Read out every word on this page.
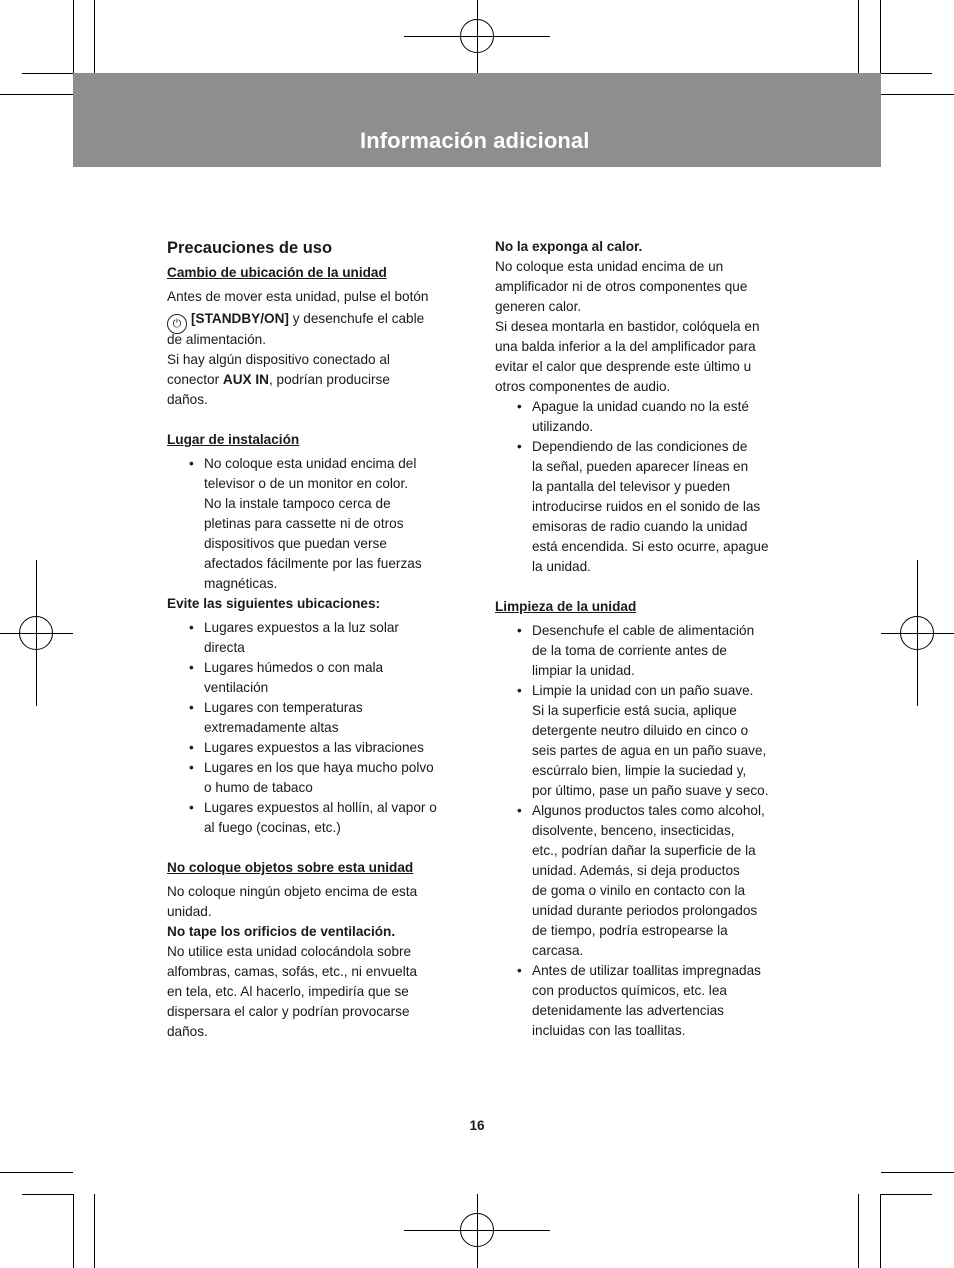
Información adicional
Precauciones de uso
Cambio de ubicación de la unidad

Antes de mover esta unidad, pulse el botón

⏻ [STANDBY/ON] y desenchufe el cable

de alimentación.

Si hay algún dispositivo conectado al

conector AUX IN, podrían producirse

daños.

Lugar de instalación
• No coloque esta unidad encima del
televisor o de un monitor en color.
No la instale tampoco cerca de
pletinas para cassette ni de otros
dispositivos que puedan verse
afectados fácilmente por las fuerzas
magnéticas.

Evite las siguientes ubicaciones:

• Lugares expuestos a la luz solar
directa
• Lugares húmedos o con mala
ventilación
• Lugares con temperaturas
extremadamente altas
• Lugares expuestos a las vibraciones
• Lugares en los que haya mucho polvo
o humo de tabaco
• Lugares expuestos al hollín, al vapor o
al fuego (cocinas, etc.)
No coloque objetos sobre esta unidad

No coloque ningún objeto encima de esta
unidad.

No tape los orificios de ventilación.

No utilice esta unidad colocándola sobre
alfombras, camas, sofás, etc., ni envuelta
en tela, etc. Al hacerlo, impediría que se
dispersara el calor y podrían provocarse
daños.

No la exponga al calor.

No coloque esta unidad encima de un
amplificador ni de otros componentes que
generen calor.
Si desea montarla en bastidor, colóquela en
una balda inferior a la del amplificador para
evitar el calor que desprende este último u
otros componentes de audio.

• Apague la unidad cuando no la esté
utilizando.
• Dependiendo de las condiciones de
la señal, pueden aparecer líneas en
la pantalla del televisor y pueden
introducirse ruidos en el sonido de las
emisoras de radio cuando la unidad
está encendida. Si esto ocurre, apague
la unidad.
Limpieza de la unidad
• Desenchufe el cable de alimentación
de la toma de corriente antes de
limpiar la unidad.
• Limpie la unidad con un paño suave.
Si la superficie está sucia, aplique
detergente neutro diluido en cinco o
seis partes de agua en un paño suave,
escúrralo bien, limpie la suciedad y,
por último, pase un paño suave y seco.
• Algunos productos tales como alcohol,
disolvente, benceno, insecticidas,
etc., podrían dañar la superficie de la
unidad. Además, si deja productos
de goma o vinilo en contacto con la
unidad durante periodos prolongados
de tiempo, podría estropearse la
carcasa.
• Antes de utilizar toallitas impregnadas
con productos químicos, etc. lea
detenidamente las advertencias
incluidas con las toallitas.
16
